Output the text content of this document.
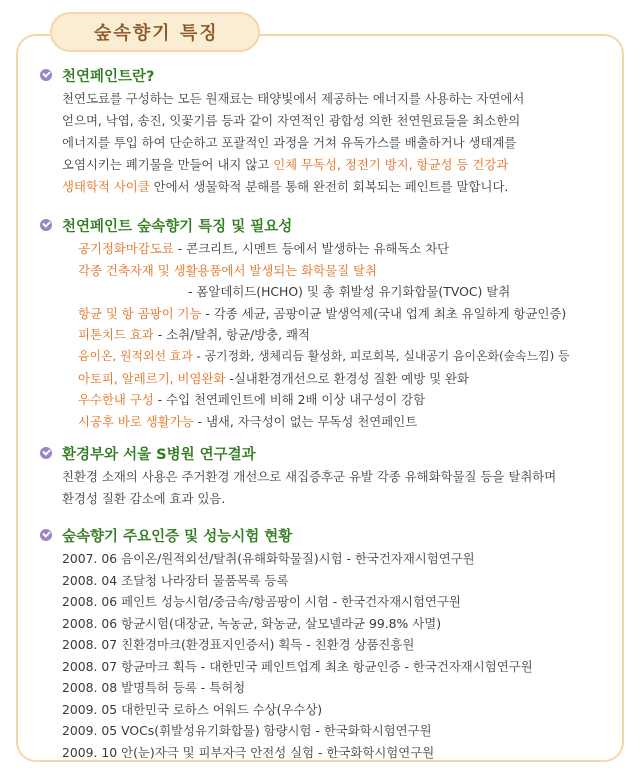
숲속향기 특징
천연페인트란?
천연도료를 구성하는 모든 원재료는 태양빛에서 제공하는 에너지를 사용하는 자연에서
얻으며, 낙엽, 송진, 잇꽃기름 등과 같이 자연적인 광합성 의한 천연원료들을 최소한의
에너지를 투입 하여 단순하고 포괄적인 과정을 거쳐 유독가스를 배출하거나 생태계를
오염시키는 폐기물을 만들어 내지 않고 인체 무독성, 정전기 방지, 항균성 등 건강과
생태학적 사이클 안에서 생물학적 분해를 통해 완전히 회복되는 페인트를 말합니다.
천연페인트 숲속향기 특징 및 필요성
공기정화마감도료 - 콘크리트, 시멘트 등에서 발생하는 유해독소 차단
각종 건축자재 및 생활용품에서 발생되는 화학물질 탈취
- 폼알데히드(HCHO) 및 총 휘발성 유기화합물(TVOC) 탈취
항균 및 항 곰팡이 기능 - 각종 세균, 곰팡이균 발생억제(국내 업계 최초 유일하게 항균인증)
피톤치드 효과 - 소취/탈취, 항균/방충, 쾌적
음이온, 원적외선 효과 - 공기정화, 생체리듬 활성화, 피로회복, 실내공기 음이온화(숲속느낌) 등
아토피, 알레르기, 비염완화 -실내환경개선으로 환경성 질환 예방 및 완화
우수한내 구성 - 수입 천연페인트에 비해 2배 이상 내구성이 강함
시공후 바로 생활가능 - 냄새, 자극성이 없는 무독성 천연페인트
환경부와 서울 S병원 연구결과
친환경 소재의 사용은 주거환경 개선으로 새집증후군 유발 각종 유해화학물질 등을 탈취하며
환경성 질환 감소에 효과 있음.
숲속향기 주요인증 및 성능시험 현황
2007. 06 음이온/원적외선/탈취(유해화학물질)시험 - 한국건자재시험연구원
2008. 04 조달청 나라장터 물품목록 등록
2008. 06 페인트 성능시험/중금속/항곰팡이 시험 - 한국건자재시험연구원
2008. 06 항균시험(대장균, 녹농균, 화농균, 살모넬라균 99.8% 사멸)
2008. 07 친환경마크(환경표지인증서) 획득 - 친환경 상품진흥원
2008. 07 항균마크 획득 - 대한민국 페인트업계 최초 항균인증 - 한국건자재시험연구원
2008. 08 발명특허 등록 - 특허청
2009. 05 대한민국 로하스 어워드 수상(우수상)
2009. 05 VOCs(휘발성유기화합물) 함량시험 - 한국화학시험연구원
2009. 10 안(눈)자극 및 피부자극 안전성 실험 - 한국화학시험연구원
